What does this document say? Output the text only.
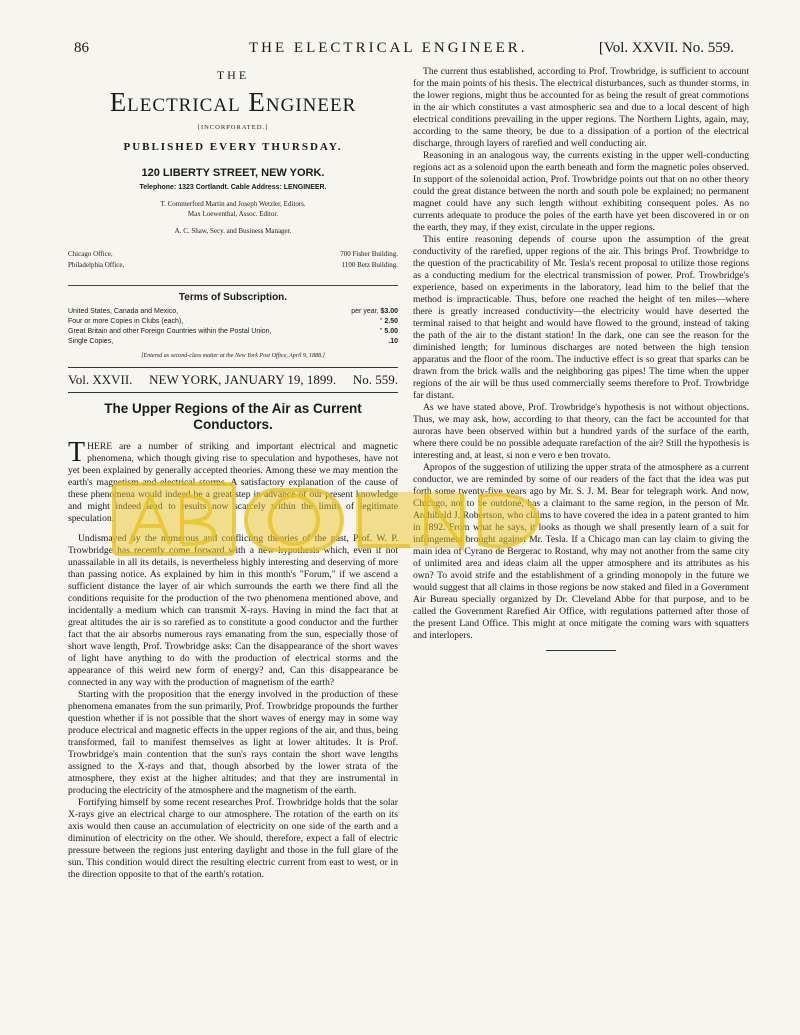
86	THE ELECTRICAL ENGINEER.	[Vol. XXVII. No. 559.
THE
Electrical Engineer
[INCORPORATED.]
PUBLISHED EVERY THURSDAY.
120 LIBERTY STREET, NEW YORK.
Telephone: 1323 Cortlandt. Cable Address: LENGINEER.
T. Commerford Martin and Joseph Wetzler, Editors.
Max Loewenthal, Assoc. Editor.
A. C. Shaw, Secy. and Business Manager.
Chicago Office,	700 Fisher Building.
Philadelphia Office,	1100 Betz Building.
Terms of Subscription.
United States, Canada and Mexico,	per year, $3.00
Four or more Copies in Clubs (each),	" 2.50
Great Britain and other Foreign Countries within the Postal Union,	" 5.00
Single Copies,	.10
[Entered as second-class matter at the New York Post Office, April 9, 1888.]
Vol. XXVII. NEW YORK, JANUARY 19, 1899. No. 559.
The Upper Regions of the Air as Current Conductors.
T HERE are a number of striking and important electrical and magnetic phenomena, which though giving rise to speculation and hypotheses, have not yet been explained by generally accepted theories. Among these we may mention the earth's magnetism and electrical storms. A satisfactory explanation of the cause of these phenomena would indeed be a great step in advance of our present knowledge and might indeed lead to results now scarcely within the limits of legitimate speculation.

Undismayed by the numerous and conflicting theories of the past, Prof. W. P. Trowbridge has recently come forward with a new hypothesis which, even if not unassailable in all its details, is nevertheless highly interesting and deserving of more than passing notice. As explained by him in this month's "Forum," if we ascend a sufficient distance the layer of air which surrounds the earth we there find all the conditions requisite for the production of the two phenomena mentioned above, and incidentally a medium which can transmit X-rays. Having in mind the fact that at great altitudes the air is so rarefied as to constitute a good conductor and the further fact that the air absorbs numerous rays emanating from the sun, especially those of short wave length, Prof. Trowbridge asks: Can the disappearance of the short waves of light have anything to do with the production of electrical storms and the appearance of this weird new form of energy? and, Can this disappearance be connected in any way with the production of magnetism of the earth?

Starting with the proposition that the energy involved in the production of these phenomena emanates from the sun primarily, Prof. Trowbridge propounds the further question whether if is not possible that the short waves of energy may in some way produce electrical and magnetic effects in the upper regions of the air, and thus, being transformed, fail to manifest themselves as light at lower altitudes. It is Prof. Trowbridge's main contention that the sun's rays contain the short wave lengths assigned to the X-rays and that, though absorbed by the lower strata of the atmosphere, they exist at the higher altitudes; and that they are instrumental in producing the electricity of the atmosphere and the magnetism of the earth.

Fortifying himself by some recent researches Prof. Trowbridge holds that the solar X-rays give an electrical charge to our atmosphere. The rotation of the earth on its axis would then cause an accumulation of electricity on one side of the earth and a diminution of electricity on the other. We should, therefore, expect a fall of electric pressure between the regions just entering daylight and those in the full glare of the sun. This condition would direct the resulting electric current from east to west, or in the direction opposite to that of the earth's rotation.

The current thus established, according to Prof. Trowbridge, is sufficient to account for the main points of his thesis. The electrical disturbances, such as thunder storms, in the lower regions, might thus be accounted for as being the result of great commotions in the air which constitutes a vast atmospheric sea and due to a local descent of high electrical conditions prevailing in the upper regions. The Northern Lights, again, may, according to the same theory, be due to a dissipation of a portion of the electrical discharge, through layers of rarefied and well conducting air.

Reasoning in an analogous way, the currents existing in the upper well-conducting regions act as a solenoid upon the earth beneath and form the magnetic poles observed. In support of the solenoidal action, Prof. Trowbridge points out that on no other theory could the great distance between the north and south pole be explained; no permanent magnet could have any such length without exhibiting consequent poles. As no currents adequate to produce the poles of the earth have yet been discovered in or on the earth, they may, if they exist, circulate in the upper regions.

This entire reasoning depends of course upon the assumption of the great conductivity of the rarefied, upper regions of the air. This brings Prof. Trowbridge to the question of the practicability of Mr. Tesla's recent proposal to utilize those regions as a conducting medium for the electrical transmission of power. Prof. Trowbridge's experience, based on experiments in the laboratory, lead him to the belief that the method is impracticable. Thus, before one reached the height of ten miles—where there is greatly increased conductivity—the electricity would have deserted the terminal raised to that height and would have flowed to the ground, instead of taking the path of the air to the distant station! In the dark, one can see the reason for the diminished length; for luminous discharges are noted between the high tension apparatus and the floor of the room. The inductive effect is so great that sparks can be drawn from the brick walls and the neighboring gas pipes! The time when the upper regions of the air will be thus used commercially seems therefore to Prof. Trowbridge far distant.

As we have stated above, Prof. Trowbridge's hypothesis is not without objections. Thus, we may ask, how, according to that theory, can the fact be accounted for that auroras have been observed within but a hundred yards of the surface of the earth, where there could be no possible adequate rarefaction of the air? Still the hypothesis is interesting and, at least, si non e vero e ben trovato.

Apropos of the suggestion of utilizing the upper strata of the atmosphere as a current conductor, we are reminded by some of our readers of the fact that the idea was put forth some twenty-five years ago by Mr. S. J. M. Bear for telegraph work. And now, Chicago, not to be outdone, has a claimant to the same region, in the person of Mr. Archibald J. Robertson, who claims to have covered the idea in a patent granted to him in 1892. From what he says, it looks as though we shall presently learn of a suit for infringement brought against Mr. Tesla. If a Chicago man can lay claim to giving the main idea of Cyrano de Bergerac to Rostand, why may not another from the same city of unlimited area and ideas claim all the upper atmosphere and its attributes as his own? To avoid strife and the establishment of a grinding monopoly in the future we would suggest that all claims in those regions be now staked and filed in a Government Air Bureau specially organized by Dr. Cleveland Abbe for that purpose, and to be called the Government Rarefied Air Office, with regulations patterned after those of the present Land Office. This might at once mitigate the coming wars with squatters and interlopers.
